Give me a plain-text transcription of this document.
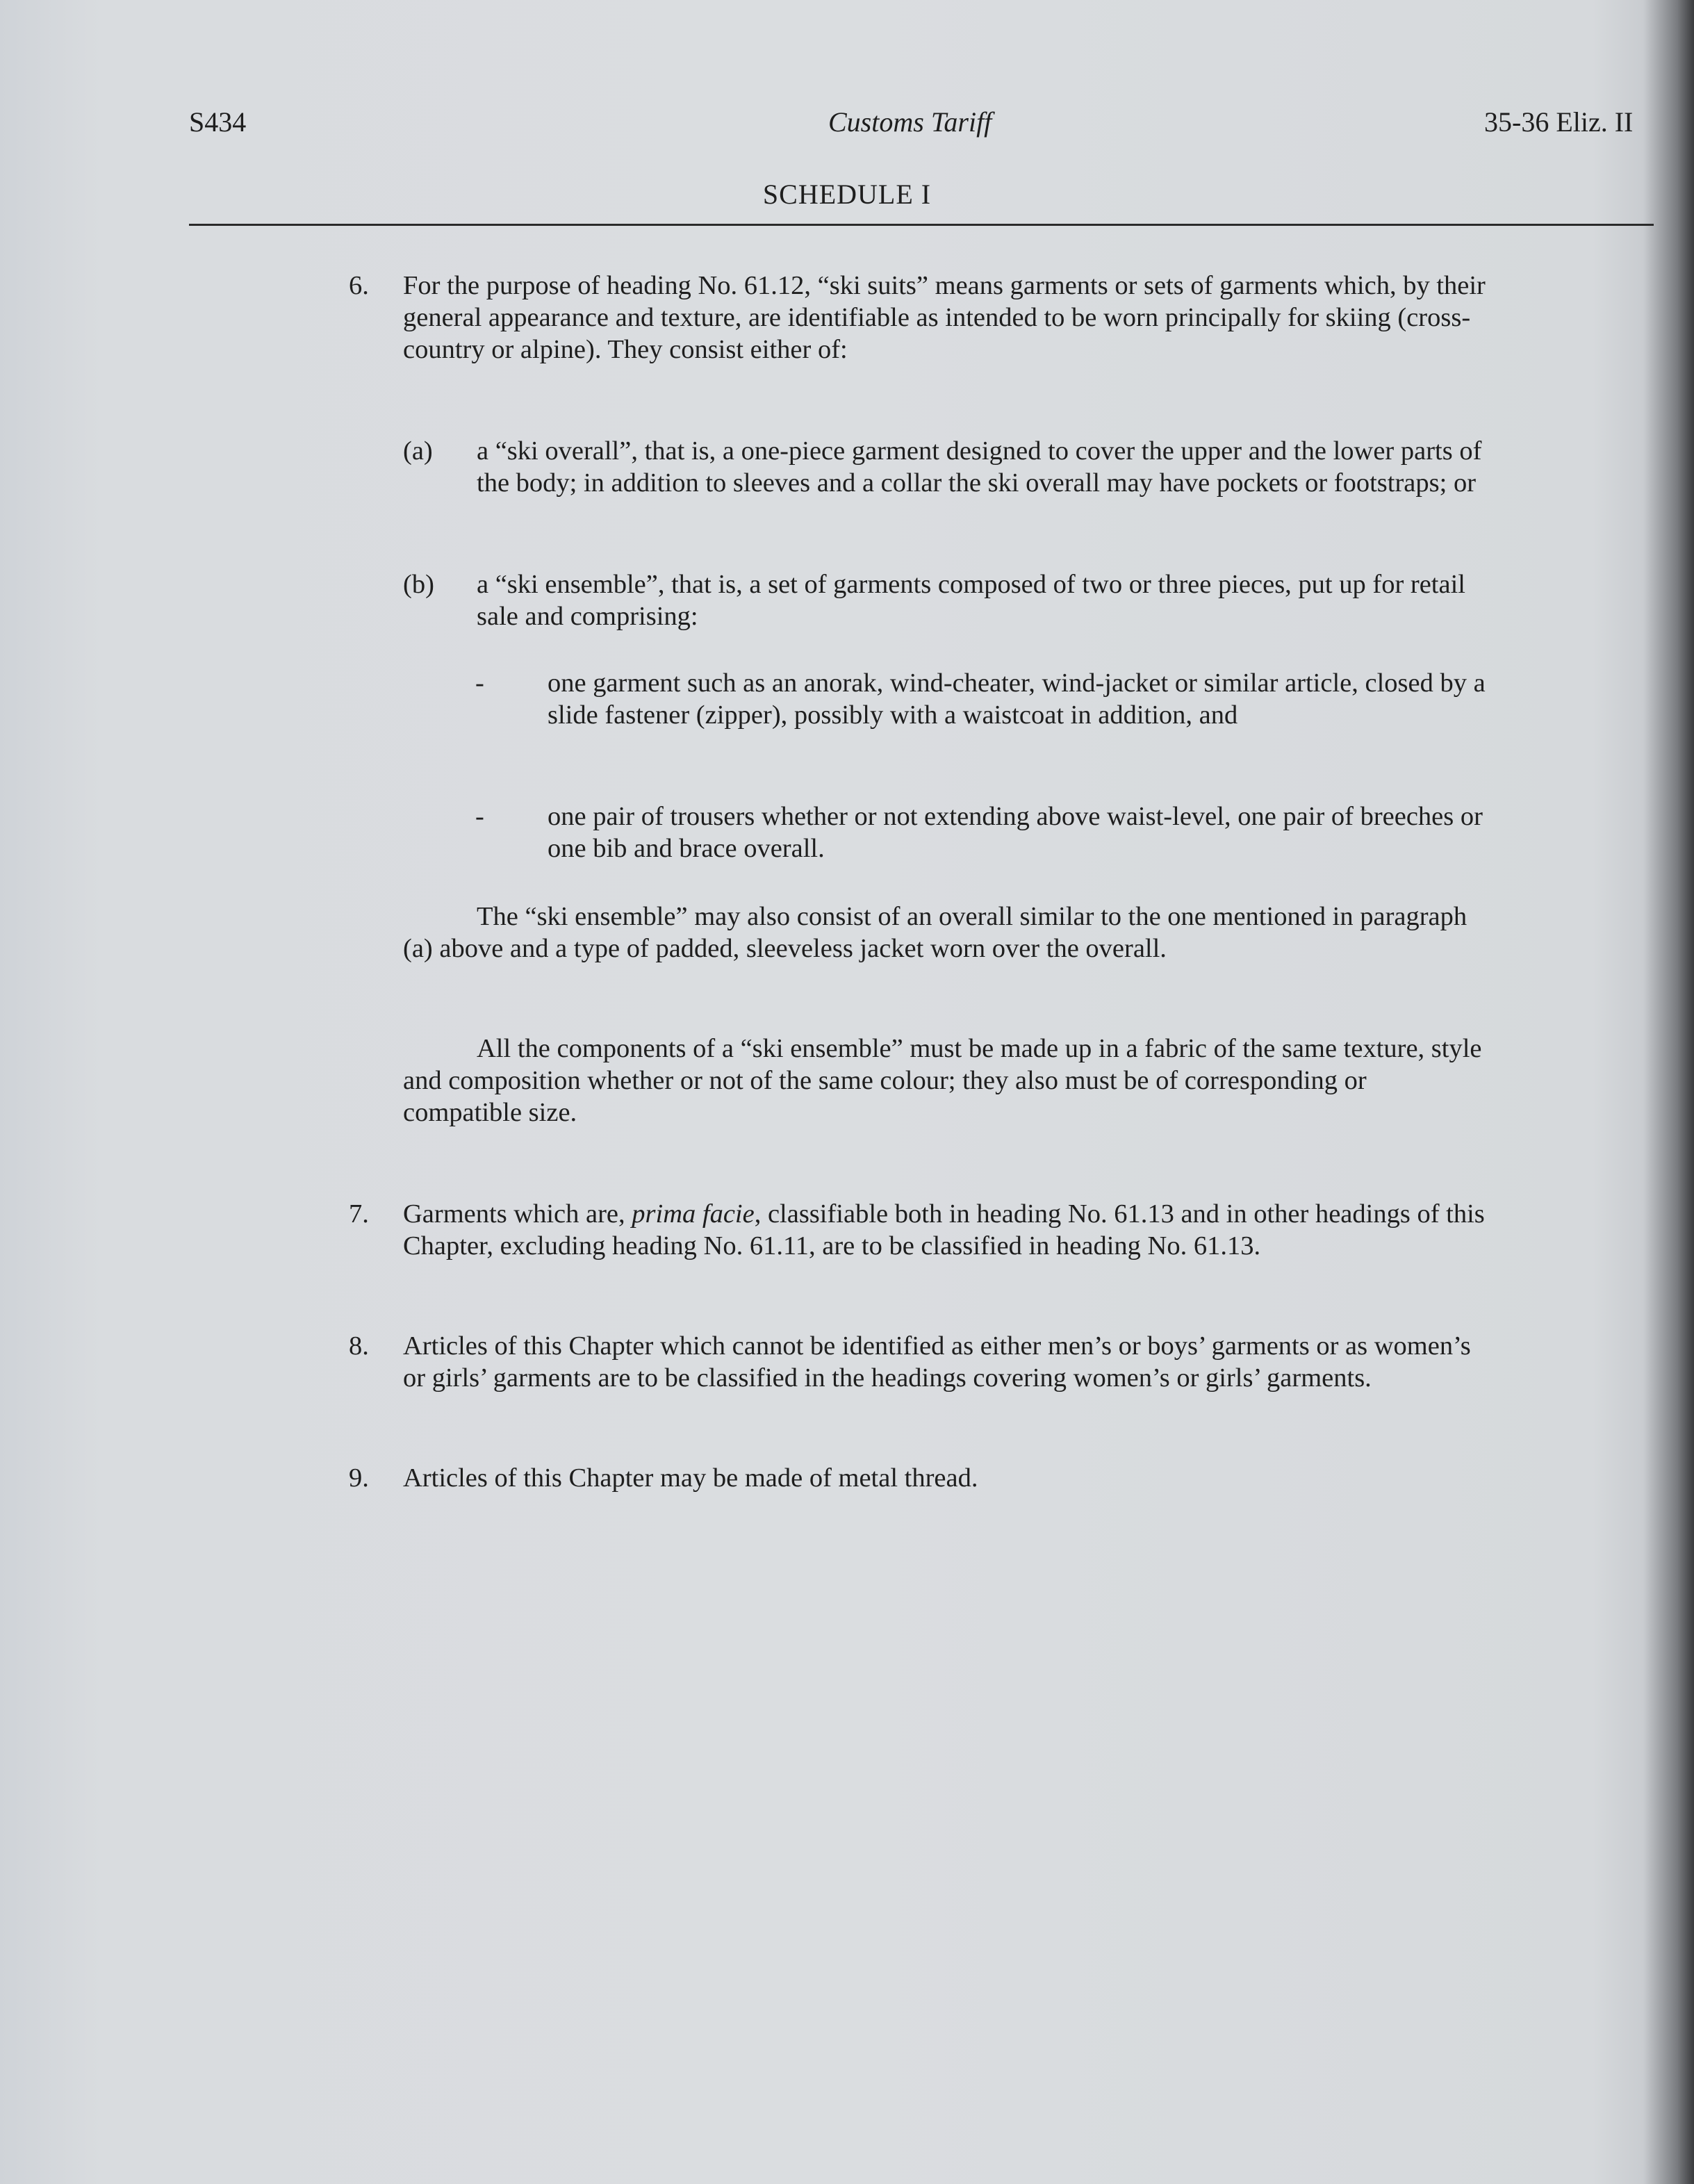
S434	Customs Tariff	35-36 Eliz. II
SCHEDULE I
6. For the purpose of heading No. 61.12, “ski suits” means garments or sets of garments which, by their general appearance and texture, are identifiable as intended to be worn principally for skiing (cross-country or alpine). They consist either of:
(a) a “ski overall”, that is, a one-piece garment designed to cover the upper and the lower parts of the body; in addition to sleeves and a collar the ski overall may have pockets or footstraps; or
(b) a “ski ensemble”, that is, a set of garments composed of two or three pieces, put up for retail sale and comprising:
- one garment such as an anorak, wind-cheater, wind-jacket or similar article, closed by a slide fastener (zipper), possibly with a waistcoat in addition, and
- one pair of trousers whether or not extending above waist-level, one pair of breeches or one bib and brace overall.
The “ski ensemble” may also consist of an overall similar to the one mentioned in paragraph (a) above and a type of padded, sleeveless jacket worn over the overall.
All the components of a “ski ensemble” must be made up in a fabric of the same texture, style and composition whether or not of the same colour; they also must be of corresponding or compatible size.
7. Garments which are, prima facie, classifiable both in heading No. 61.13 and in other headings of this Chapter, excluding heading No. 61.11, are to be classified in heading No. 61.13.
8. Articles of this Chapter which cannot be identified as either men’s or boys’ garments or as women’s or girls’ garments are to be classified in the headings covering women’s or girls’ garments.
9. Articles of this Chapter may be made of metal thread.
